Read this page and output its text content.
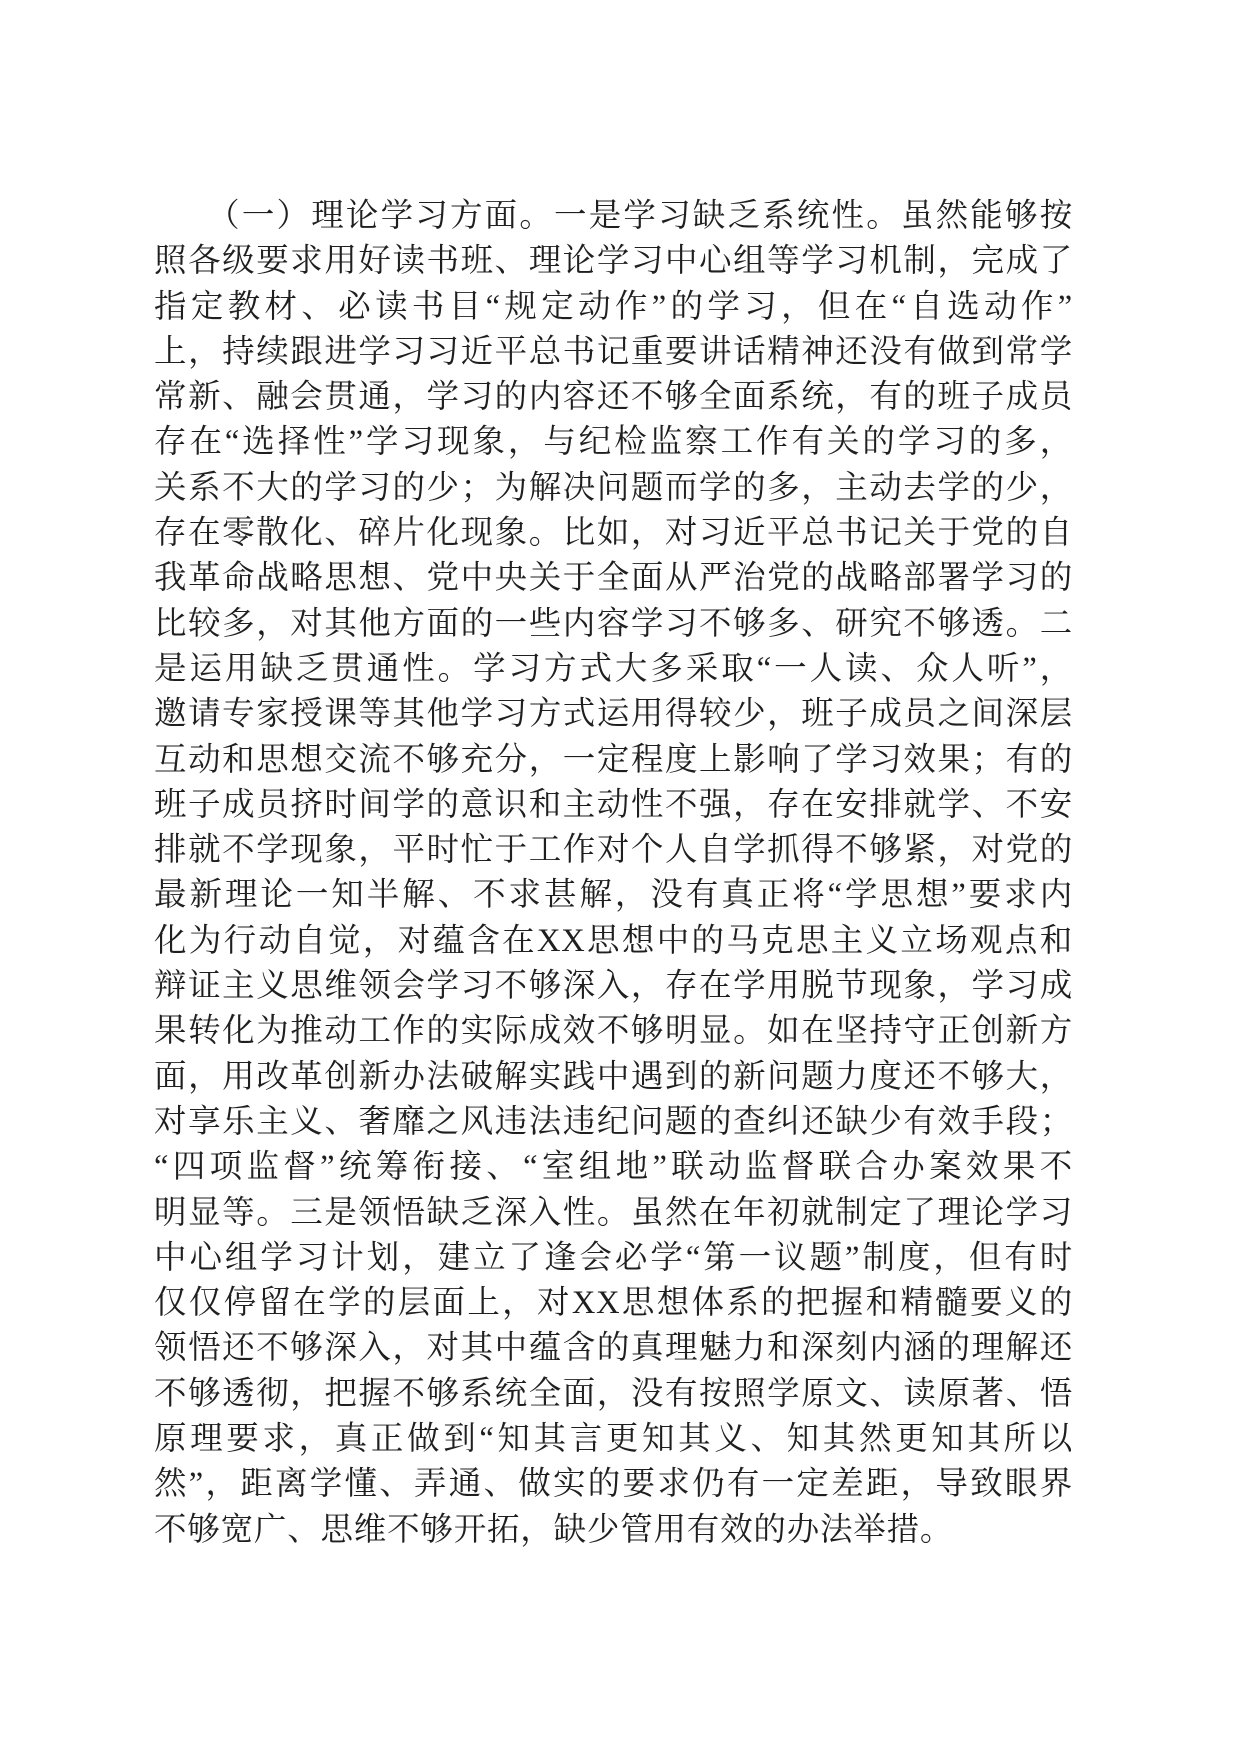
　　（一）理论学习方面。一是学习缺乏系统性。虽然能够按
照各级要求用好读书班、理论学习中心组等学习机制，完成了
指定教材、必读书目“规定动作”的学习，但在“自选动作”
上，持续跟进学习习近平总书记重要讲话精神还没有做到常学
常新、融会贯通，学习的内容还不够全面系统，有的班子成员
存在“选择性”学习现象，与纪检监察工作有关的学习的多，
关系不大的学习的少；为解决问题而学的多，主动去学的少，
存在零散化、碎片化现象。比如，对习近平总书记关于党的自
我革命战略思想、党中央关于全面从严治党的战略部署学习的
比较多，对其他方面的一些内容学习不够多、研究不够透。二
是运用缺乏贯通性。学习方式大多采取“一人读、众人听”，
邀请专家授课等其他学习方式运用得较少，班子成员之间深层
互动和思想交流不够充分，一定程度上影响了学习效果；有的
班子成员挤时间学的意识和主动性不强，存在安排就学、不安
排就不学现象，平时忙于工作对个人自学抓得不够紧，对党的
最新理论一知半解、不求甚解，没有真正将“学思想”要求内
化为行动自觉，对蕴含在XX思想中的马克思主义立场观点和
辩证主义思维领会学习不够深入，存在学用脱节现象，学习成
果转化为推动工作的实际成效不够明显。如在坚持守正创新方
面，用改革创新办法破解实践中遇到的新问题力度还不够大，
对享乐主义、奢靡之风违法违纪问题的查纠还缺少有效手段；
“四项监督”统筹衔接、“室组地”联动监督联合办案效果不
明显等。三是领悟缺乏深入性。虽然在年初就制定了理论学习
中心组学习计划，建立了逢会必学“第一议题”制度，但有时
仅仅停留在学的层面上，对XX思想体系的把握和精髓要义的
领悟还不够深入，对其中蕴含的真理魅力和深刻内涵的理解还
不够透彻，把握不够系统全面，没有按照学原文、读原著、悟
原理要求，真正做到“知其言更知其义、知其然更知其所以
然”，距离学懂、弄通、做实的要求仍有一定差距，导致眼界
不够宽广、思维不够开拓，缺少管用有效的办法举措。
